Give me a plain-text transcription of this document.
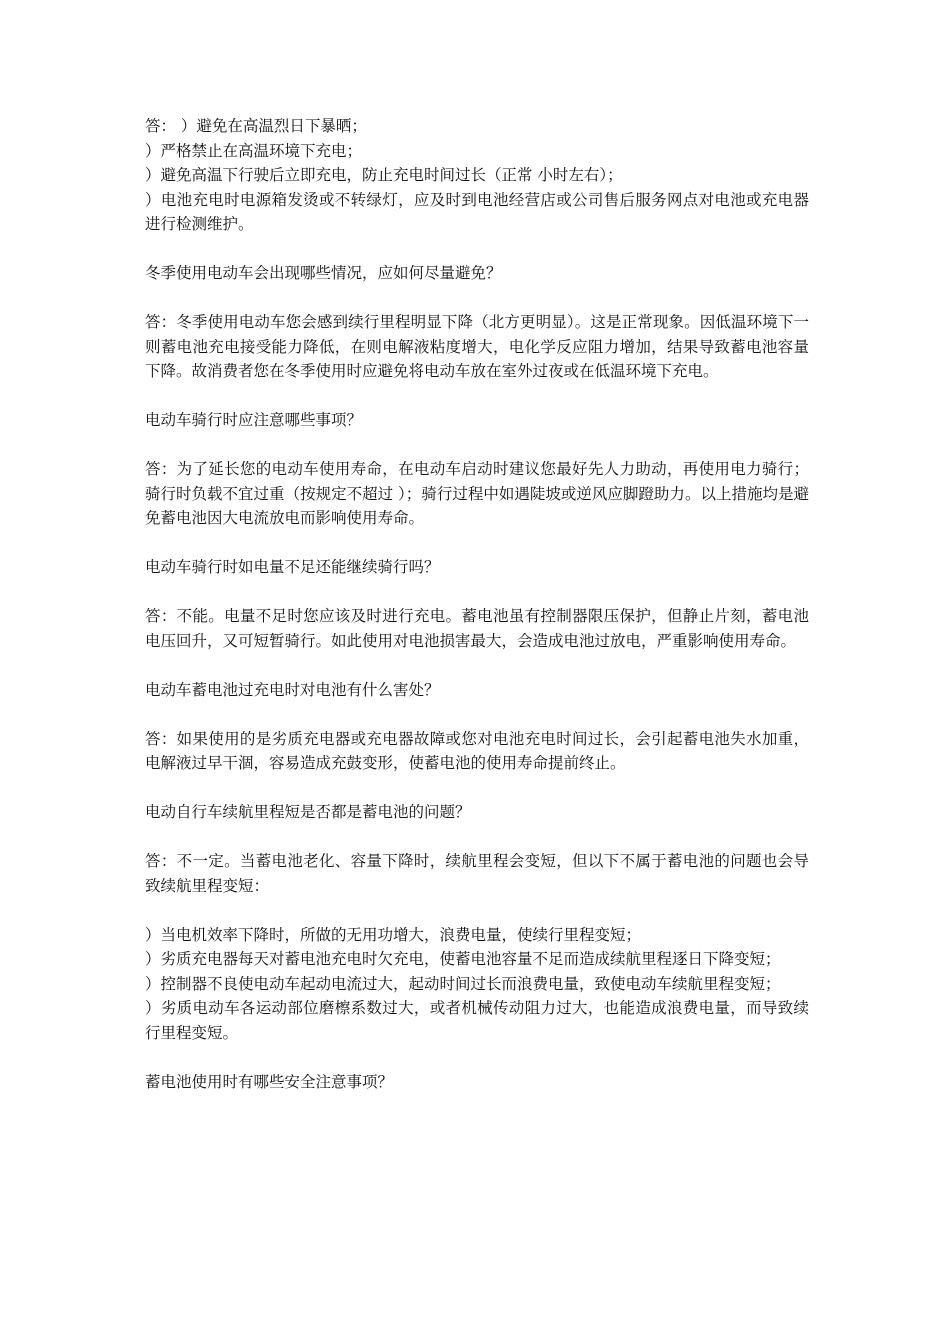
答： ）避免在高温烈日下暴晒；

）严格禁止在高温环境下充电；

）避免高温下行驶后立即充电，防止充电时间过长（正常 小时左右）；

）电池充电时电源箱发烫或不转绿灯，应及时到电池经营店或公司售后服务网点对电池或充电器进行检测维护。

冬季使用电动车会出现哪些情况，应如何尽量避免？

答：冬季使用电动车您会感到续行里程明显下降（北方更明显）。这是正常现象。因低温环境下一则蓄电池充电接受能力降低，在则电解液粘度增大，电化学反应阻力增加，结果导致蓄电池容量下降。故消费者您在冬季使用时应避免将电动车放在室外过夜或在低温环境下充电。

电动车骑行时应注意哪些事项？

答：为了延长您的电动车使用寿命，在电动车启动时建议您最好先人力助动，再使用电力骑行；骑行时负载不宜过重（按规定不超过 ）；骑行过程中如遇陡坡或逆风应脚蹬助力。以上措施均是避免蓄电池因大电流放电而影响使用寿命。

电动车骑行时如电量不足还能继续骑行吗？

答：不能。电量不足时您应该及时进行充电。蓄电池虽有控制器限压保护，但静止片刻，蓄电池电压回升，又可短暂骑行。如此使用对电池损害最大，会造成电池过放电，严重影响使用寿命。

电动车蓄电池过充电时对电池有什么害处？

答：如果使用的是劣质充电器或充电器故障或您对电池充电时间过长，会引起蓄电池失水加重，电解液过早干涸，容易造成充鼓变形，使蓄电池的使用寿命提前终止。

电动自行车续航里程短是否都是蓄电池的问题？

答：不一定。当蓄电池老化、容量下降时，续航里程会变短，但以下不属于蓄电池的问题也会导致续航里程变短：

）当电机效率下降时，所做的无用功增大，浪费电量，使续行里程变短；

）劣质充电器每天对蓄电池充电时欠充电，使蓄电池容量不足而造成续航里程逐日下降变短；

）控制器不良使电动车起动电流过大，起动时间过长而浪费电量，致使电动车续航里程变短；

）劣质电动车各运动部位磨檫系数过大，或者机械传动阻力过大，也能造成浪费电量，而导致续行里程变短。

蓄电池使用时有哪些安全注意事项？
